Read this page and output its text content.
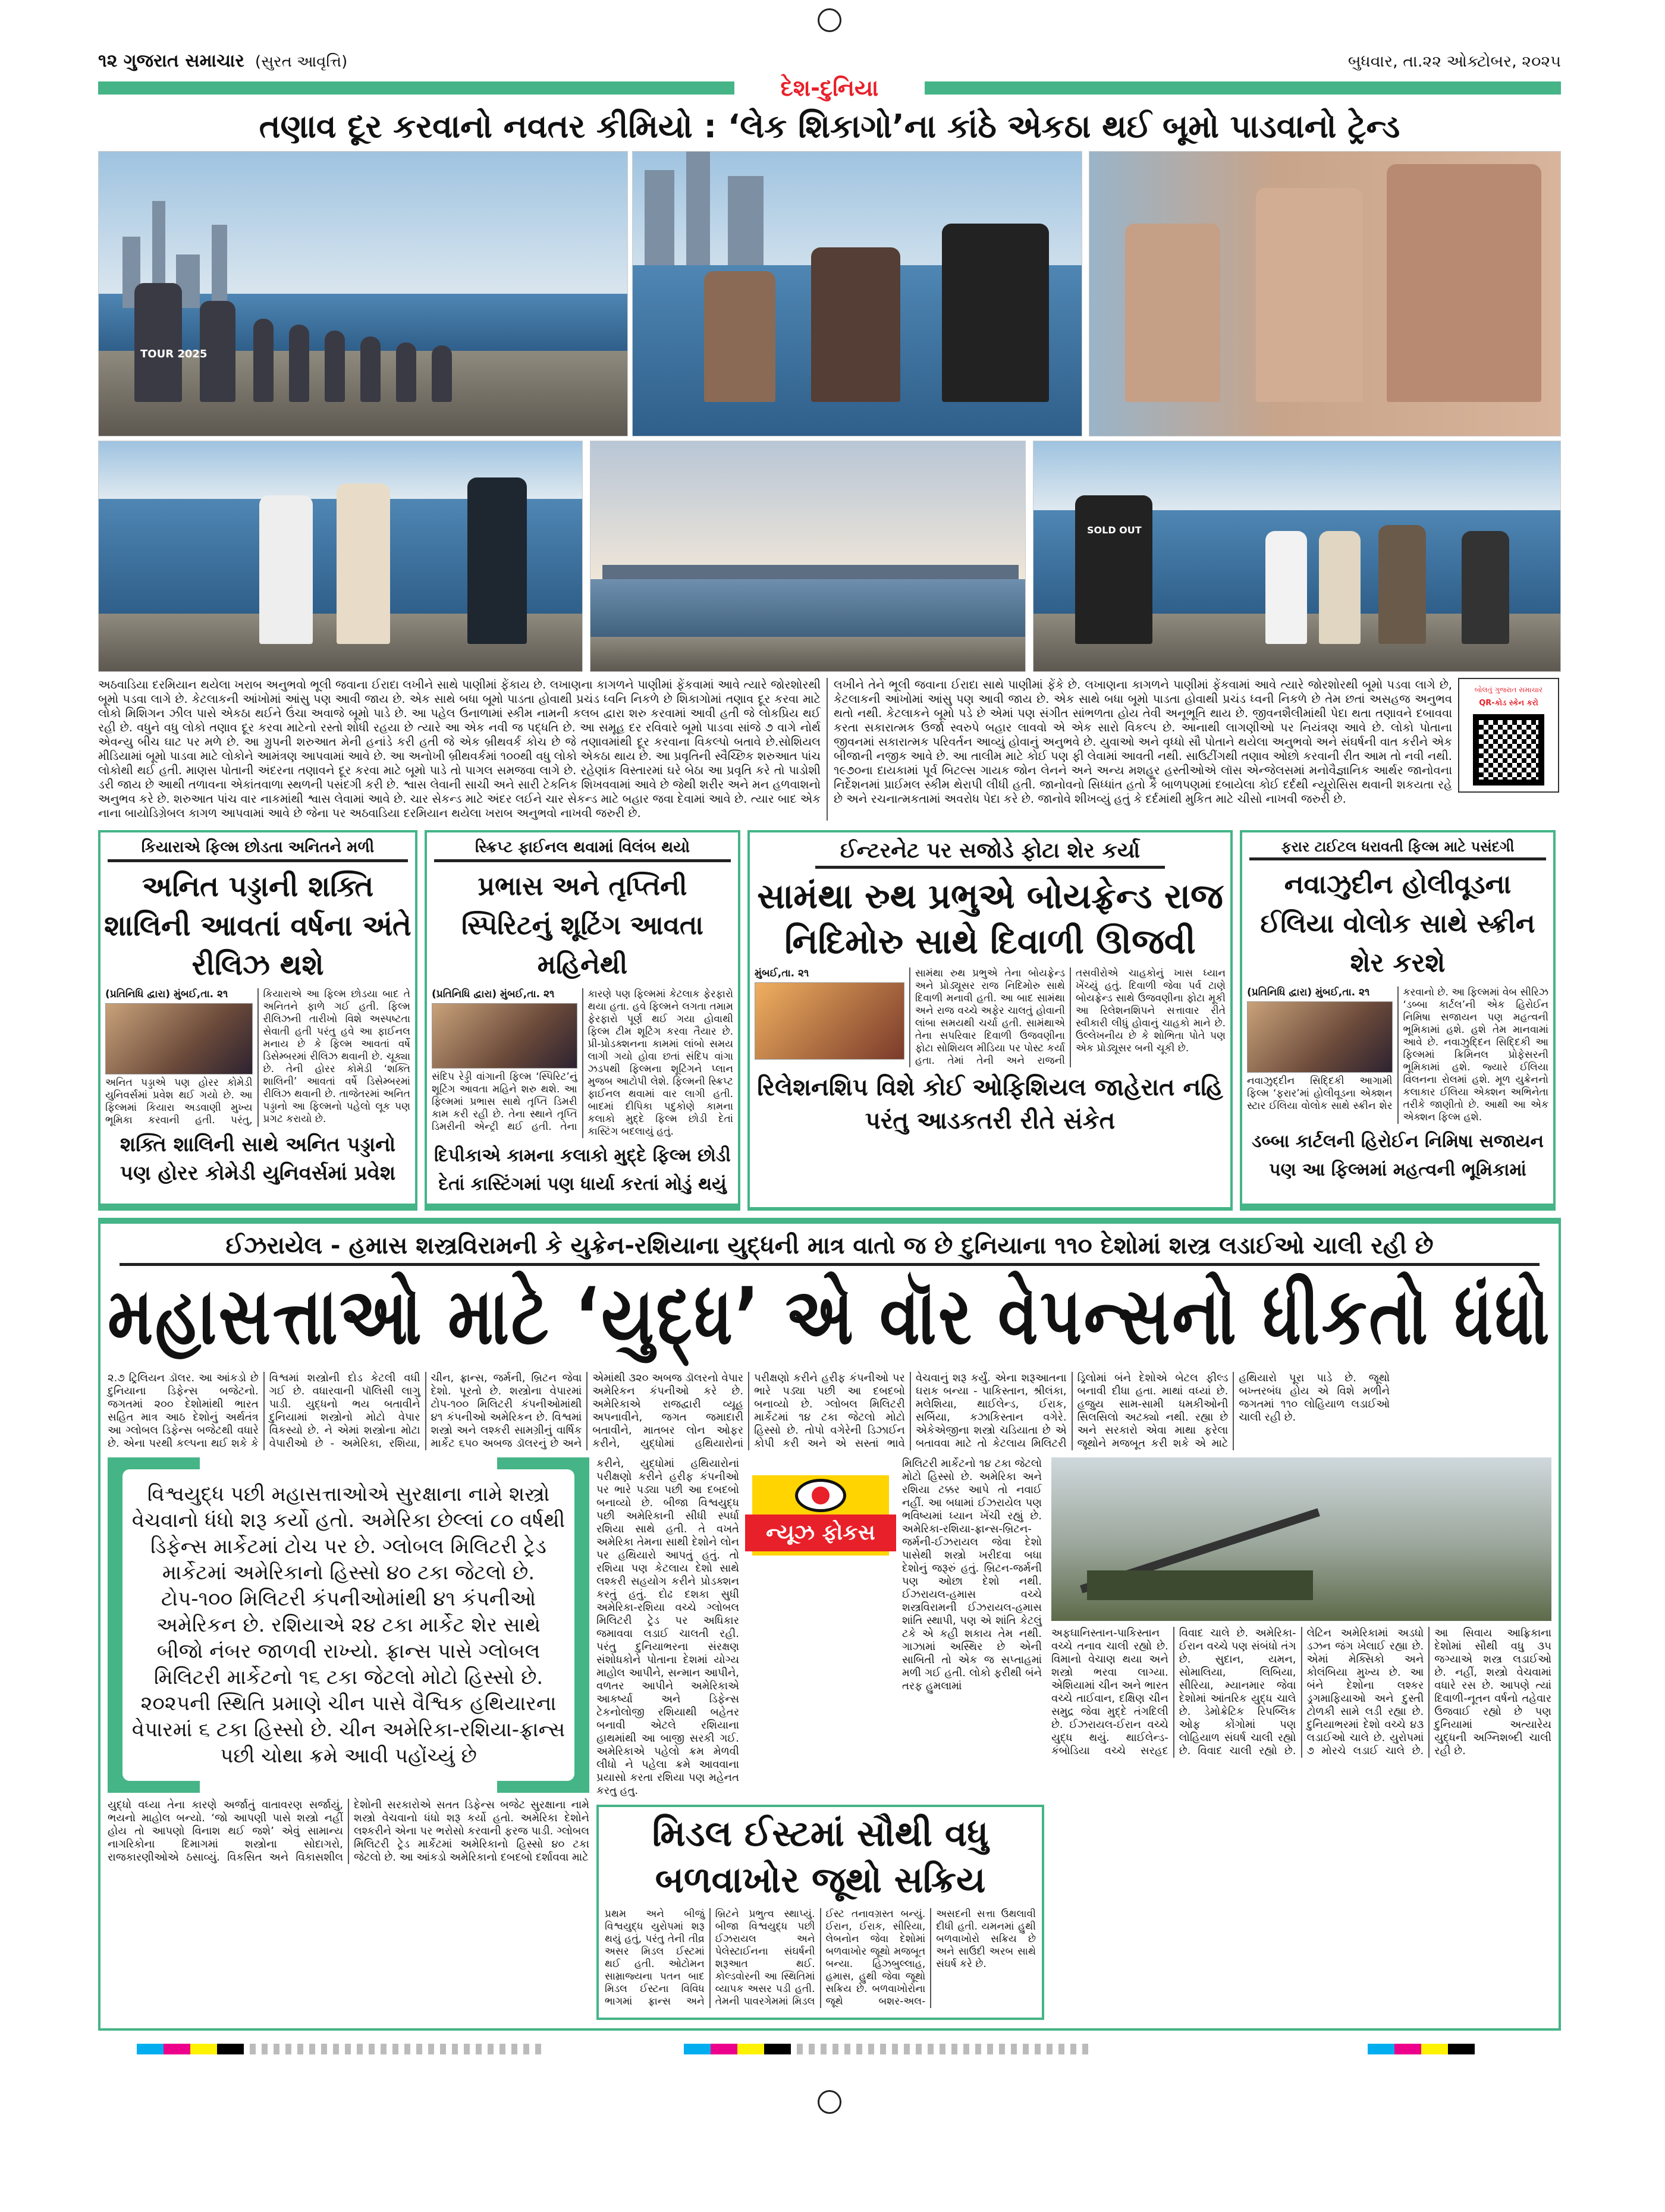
૧૨ ગુજરાત સમાચાર (સુરત આવૃત્તિ)	બુધવાર, તા.૨૨ ઓક્ટોબર, ૨૦૨૫
દેશ-દુનિયા
તણાવ દૂર કરવાનો નવતર કીમિયો : ‘લેક શિકાગો’ના કાંઠે એકઠા થઈ બૂમો પાડવાનો ટ્રેન્ડ
TOUR 2025
SOLD OUT
અઠવાડિયા દરમિયાન થયેલા ખરાબ અનુભવો ભૂલી જવાના ઈરાદા લખીને સાથે પાણીમાં ફેંકાય છે. લખાણના કાગળને પાણીમાં ફેંકવામાં આવે ત્યારે જોરશોરથી બૂમો પડવા લાગે છે. કેટલાકની આંખોમાં આંસુ પણ આવી જાય છે. એક સાથે બધા બૂમો પાડતા હોવાથી પ્રચંડ ધ્વનિ નિકળે છે શિકાગોમાં તણાવ દૂર કરવા માટે લોકો મિશિગન ઝીલ પાસે એકઠા થઈને ઉંચા અવાજે બૂમો પાડે છે. આ પહેલ ઉનાળામાં સ્કીમ નામની કલબ દ્વારા શરુ કરવામાં આવી હતી જે લોકપ્રિય થઈ રહી છે. વધુને વધુ લોકો તણાવ દૂર કરવા માટેનો રસ્તો શોધી રહયા છે ત્યારે આ એક નવી જ પદ્ધતિ છે. આ સમૂહ દર રવિવારે બૂમો પાડવા સાંજે ૭ વાગે નોર્થ એવન્યુ બીચ ઘાટ પર મળે છે. આ ગ્રુપની શરુઆત મેની હનાંડે કરી હતી જે એક બ્રીથવર્ક કોચ છે જે તણાવમાંથી દૂર કરવાના વિકલ્પો બતાવે છે.સોશિયલ મીડિયામાં બૂમો પાડવા માટે લોકોને આમંત્રણ આપવામાં આવે છે. આ અનોખી બ્રીથવર્કમાં ૧૦૦થી વધુ લોકો એકઠા થાય છે. આ પ્રવૃતિની સ્વૈચ્છિક શરુઆત પાંચ લોકોથી થઈ હતી. માણસ પોતાની અંદરના તણાવને દૂર કરવા માટે બૂમો પાડે તો પાગલ સમજવા લાગે છે. રહેણાંક વિસ્તારમાં ઘરે બેઠા આ પ્રવૃતિ કરે તો પાડોશી ડરી જાય છે આથી તળાવના એકાંતવાળા સ્થળની પસંદગી કરી છે. શ્વાસ લેવાની સાચી અને સારી ટેકનિક શિખવવામાં આવે છે જેથી શરીર અને મન હળવાશનો અનુભવ કરે છે. શરુઆત પાંચ વાર નાકમાંથી શ્વાસ લેવામાં આવે છે. ચાર સેકન્ડ માટે અંદર લઈને ચાર સેકન્ડ માટે બહાર જવા દેવામાં આવે છે. ત્યાર બાદ એક નાના બાયોડિગ્રેબલ કાગળ આપવામાં આવે છે જેના પર અઠવાડિયા દરમિયાન થયેલા ખરાબ અનુભવો નાખવી જરુરી છે.
લખીને તેને ભૂલી જવાના ઈરાદા સાથે પાણીમાં ફેંકે છે. લખાણના કાગળને પાણીમાં ફેંકવામાં આવે ત્યારે જોરશોરથી બૂમો પડવા લાગે છે, કેટલાકની આંખોમાં આંસુ પણ આવી જાય છે. એક સાથે બધા બૂમો પાડતા હોવાથી પ્રચંડ ધ્વની નિકળે છે તેમ છતાં અસહજ અનુભવ થતો નથી. કેટલાકને બૂમો પડે છે એમાં પણ સંગીત સાંભળતા હોય તેવી અનૂભૂતિ થાય છે. જીવનશૈલીમાંથી પેદા થતા તણાવને દબાવવા કરતા સકારાત્મક ઉર્જા સ્વરુપે બહાર લાવવો એ એક સારો વિકલ્પ છે. આનાથી લાગણીઓ પર નિયંત્રણ આવે છે. લોકો પોતાના જીવનમાં સકારાત્મક પરિવર્તન આવ્યું હોવાનું અનુભવે છે. યુવાઓ અને વૃધ્ધો સૌ પોતાને થયેલા અનુભવો અને સંઘર્ષની વાત કરીને એક બીજાની નજીક આવે છે. આ તાલીમ માટે કોઈ પણ ફી લેવામાં આવતી નથી. સાઉટીંગથી તણાવ ઓછો કરવાની રીત આમ તો નવી નથી. ૧૯૭૦ના દાયકામાં પૂર્વ બિટલ્સ ગાયક જોન લેનને અને અન્ય મશહૂર હસ્તીઓએ લૉસ એન્જેલસમાં મનોવૈજ્ઞાનિક આર્થર જાનોવના નિર્દેશનમાં પ્રાઈમલ સ્કીમ થેરાપી લીધી હતી. જાનોવનો સિધ્ધાંત હતો કે બાળપણમાં દબાયેલા કોઈ દર્દથી ન્યૂરોસિસ થવાની શકયતા રહે છે અને રચનાત્મકતામાં અવરોધ પેદા કરે છે. જાનોવે શીખવ્યું હતું કે દર્દમાંથી મુકિત માટે ચીસો નાખવી જરુરી છે.
બોલતું ગુજરાત સમાચાર
QR-કોડ સ્કેન કરો
કિયારાએ ફિલ્મ છોડતા અનિતને મળી
અનિત પડ્ડાની શક્તિ શાલિની આવતાં વર્ષના અંતે રીલિઝ થશે
(પ્રતિનિધિ દ્વારા) મુંબઈ,તા. ૨૧
અનિત પડ્ડાએ પણ હોરર કોમેડી યુનિવર્સમાં પ્રવેશ થઈ ગયો છે. આ ફિલ્મમાં કિયારા અડવાણી મુખ્ય ભૂમિકા કરવાની હતી. પરંતુ, કિયારાએ આ ફિલ્મ છોડયા બાદ તે અનિતને ફાળે ગઈ હતી. ફિલ્મ રીલિઝની તારીખો વિશે અસ્પષ્ટતા સેવાતી હતી પરંતુ હવે આ ફાઈનલ મનાય છે કે ફિલ્મ આવતાં વર્ષે ડિસેમ્બરમાં રીલિઝ થવાની છે. ચૂક્યા છે. તેની હોરર કોમેડી ‘શક્તિ શાલિની’ આવતાં વર્ષે ડિસેમ્બરમાં રીલિઝ થવાની છે. તાજેતરમાં અનિત પડ્ડાનો આ ફિલ્મનો પહેલો લૂક પણ પ્રગટ કરાયો છે.
શક્તિ શાલિની સાથે અનિત પડ્ડાનો પણ હોરર કોમેડી યુનિવર્સમાં પ્રવેશ
સ્ક્રિપ્ટ ફાઈનલ થવામાં વિલંબ થયો
પ્રભાસ અને તૃપ્તિની સ્પિરિટનું શૂટિંગ આવતા મહિનેથી
(પ્રતિનિધિ દ્વારા) મુંબઈ,તા. ૨૧
સંદિપ રેડ્ડી વાંગાની ફિલ્મ ‘સ્પિરિટ’નું શૂટિંગ આવતા મહિને શરુ થશે. આ ફિલ્મમાં પ્રભાસ સાથે તૃપ્તિ ડિમરી કામ કરી રહી છે. તેના સ્થાને તૃપ્તિ ડિમરીની એન્ટ્રી થઈ હતી. તેના કારણે પણ ફિલ્મમાં કેટલાક ફેરફારો થયા હતા. હવે ફિલ્મને લગતા તમામ ફેરફારો પૂર્ણ થઈ ગયા હોવાથી ફિલ્મ ટીમ શૂટિંગ કરવા તૈયાર છે. પ્રી-પ્રોડક્શનના કામમાં લાંબો સમય લાગી ગયો હોવા છતાં સંદિપ વાંગા ઝડપથી ફિલ્મના શૂટિંગને પ્લાન મુજબ આટોપી લેશે. ફિલ્મની સ્ક્રિપ્ટ ફાઈનલ થવામાં વાર લાગી હતી. બાદમાં દીપિકા પદુકોણે કામના કલાકો મુદ્દે ફિલ્મ છોડી દેતાં કાસ્ટિંગ બદલાયું હતું.
દિપીકાએ કામના કલાકો મુદ્દે ફિલ્મ છોડી દેતાં કાસ્ટિંગમાં પણ ધાર્યા કરતાં મોડું થયું
ઈન્ટરનેટ પર સજોડે ફોટા શેર કર્યા
સામંથા રુથ પ્રભુએ બોયફ્રેન્ડ રાજ નિદિમોરુ સાથે દિવાળી ઊજવી
મુંબઈ,તા. ૨૧	સામંથા રુથ પ્રભુએ તેના બોયફ્રેન્ડ અને પ્રોડ્યૂસર રાજ નિદિમોરુ સાથે દિવાળી મનાવી હતી. આ બાદ સામંથા અને રાજ વચ્ચે અફેર ચાલતું હોવાની લાંબા સમયથી ચર્ચા હતી. સામંથાએ તેના સપરિવાર દિવાળી ઉજવણીના ફોટા સોશિયલ મીડિયા પર પોસ્ટ કર્યા હતા. તેમાં તેની અને રાજની તસવીરોએ ચાહકોનું ખાસ ધ્યાન ખેંચ્યું હતું. દિવાળી જેવા પર્વ ટાણે બોયફ્રેન્ડ સાથે ઉજવણીના ફોટા મૂકી આ રિલેશનશિપને સત્તાવાર રીતે સ્વીકારી લીધું હોવાનું ચાહકો માને છે. ઉલ્લેખનીય છે કે શોભિતા પોતે પણ એક પ્રોડ્યૂસર બની ચૂકી છે.
રિલેશનશિપ વિશે કોઈ ઓફિશિયલ જાહેરાત નહિ પરંતુ આડકતરી રીતે સંકેત
ફરાર ટાઈટલ ધરાવતી ફિલ્મ માટે પસંદગી
નવાઝુદીન હોલીવૂડના ઈલિયા વોલોક સાથે સ્ક્રીન શેર કરશે
(પ્રતિનિધિ દ્વારા) મુંબઈ,તા. ૨૧
નવાઝુદ્દીન સિદ્દિકી આગામી ફિલ્મ ‘ફરાર’માં હોલીવૂડના એક્શન સ્ટાર ઈલિયા વોલોક સાથે સ્ક્રીન શેર કરવાનો છે. આ ફિલ્મમાં વેબ સીરિઝ ‘ડબ્બા કાર્ટલ’ની એક હિરોઈન નિમિષા સજાયન પણ મહત્વની ભૂમિકામાં હશે. હશે તેમ માનવામાં આવે છે. નવાઝુદ્દિન સિદ્દિકી આ ફિલ્મમાં ક્રિમિનલ પ્રોફેસરની ભૂમિકામાં હશે. જ્યારે ઈલિયા વિલનના રોલમાં હશે. મૂળ યુક્રેનનો કલાકાર ઈલિયા એક્શન અભિનેતા તરીકે જાણીતો છે. આથી આ એક એક્શન ફિલ્મ હશે.
ડબ્બા કાર્ટલની હિરોઈન નિમિષા સજાયન પણ આ ફિલ્મમાં મહત્વની ભૂમિકામાં
ઈઝરાયેલ - હમાસ શસ્ત્રવિરામની કે યુક્રેન-રશિયાના યુદ્ધની માત્ર વાતો જ છે દુનિયાના ૧૧૦ દેશોમાં શસ્ત્ર લડાઈઓ ચાલી રહી છે
મહાસત્તાઓ માટે ‘યુદ્ધ’ એ વૉર વેપન્સનો ધીકતો ધંધો
૨.૭ ટ્રિલિયન ડૉલર. આ આંકડો છે દુનિયાના ડિફેન્સ બજેટનો. જગતમાં ૨૦૦ દેશોમાંથી ભારત સહિત માત્ર આઠ દેશોનું અર્થતંત્ર આ ગ્લોબલ ડિફેન્સ બજેટથી વધારે છે. એના પરથી કલ્પના થઈ શકે કે વિશ્વમાં શસ્ત્રોની દોડ કેટલી વધી ગઈ છે. વધારવાની પૉલિસી લાગુ પાડી. યુદ્ધનો ભય બતાવીને દુનિયામાં શસ્ત્રોનો મોટો વેપાર વિકસ્યો છે. ને એમાં શસ્ત્રોના મોટા વેપારીઓ છે - અમેરિકા, રશિયા, ચીન, ફ્રાન્સ, જર્મની, બ્રિટન જેવા દેશો. પૂરતો છે. શસ્ત્રોના વેપારમાં ટોપ-૧૦૦ મિલિટરી કંપનીઓમાંથી ૪૧ કંપનીઓ અમેરિકન છે. વિશ્વમાં શસ્ત્રો અને લશ્કરી સામગ્રીનું વાર્ષિક માર્કેટ ૬૫૦ અબજ ડૉલરનું છે અને એમાંથી ૩૨૦ અબજ ડૉલરનો વેપાર અમેરિકન કંપનીઓ કરે છે. અમેરિકાએ રાજદ્વારી વ્યૂહ અપનાવીને, જગત જમાદારી બતાવીને, માતબર લોન ઓફર કરીને, યુદ્ધોમાં હથિયારોનાં પરીક્ષણો કરીને હરીફ કંપનીઓ પર ભારે પડ્યા પછી આ દબદબો બનાવ્યો છે. ગ્લોબલ મિલિટરી માર્કેટમાં ૧૪ ટકા જેટલો મોટો હિસ્સો છે. તોપો વગેરેની ડિઝાઈન કોપી કરી અને એ સસ્તાં ભાવે વેચવાનું શરૂ કર્યું. એના શરૂઆતના ઘરાક બન્યા - પાકિસ્તાન, શ્રીલંકા, મલેશિયા, થાઈલેન્ડ, ઈરાક, સર્બિયા, કઝાકિસ્તાન વગેરે. એકેએજીના શસ્ત્રો ચડિયાતા છે એ બતાવવા માટે તો કેટલાય મિલિટરી ડ્રિલોમાં બંને દેશોએ બેટલ ફીલ્ડ બનાવી દીધા હતા. માથાં વધ્યાં છે. હજુય સામ-સામી ધમકીઓની સિલસિલો અટક્યો નથી. રહ્યા છે અને સરકારો એવા માથા ફરેલા જૂથોને મજબૂત કરી શકે એ માટે હથિયારો પૂરા પાડે છે. જૂથો બખ્તરબંધ હોય એ વિશે મળીને જગતમાં ૧૧૦ લોહિયાળ લડાઈઓ ચાલી રહી છે.
વિશ્વયુદ્ધ પછી મહાસત્તાઓએ સુરક્ષાના નામે શસ્ત્રો વેચવાનો ધંધો શરૂ કર્યો હતો. અમેરિકા છેલ્લાં ૮૦ વર્ષથી ડિફેન્સ માર્કેટમાં ટોચ પર છે. ગ્લોબલ મિલિટરી ટ્રેડ માર્કેટમાં અમેરિકાનો હિસ્સો ૪૦ ટકા જેટલો છે. ટોપ-૧૦૦ મિલિટરી કંપનીઓમાંથી ૪૧ કંપનીઓ અમેરિકન છે. રશિયાએ ૨૪ ટકા માર્કેટ શેર સાથે બીજો નંબર જાળવી રાખ્યો. ફ્રાન્સ પાસે ગ્લોબલ મિલિટરી માર્કેટનો ૧૬ ટકા જેટલો મોટો હિસ્સો છે. ૨૦૨૫ની સ્થિતિ પ્રમાણે ચીન પાસે વૈશ્વિક હથિયારના વેપારમાં ૬ ટકા હિસ્સો છે. ચીન અમેરિકા-રશિયા-ફ્રાન્સ પછી ચોથા ક્રમે આવી પહોંચ્યું છે
યુદ્ધો વધ્યા તેના કારણે અર્જાતું વાતાવરણ સર્જાયું, ભયનો માહોલ બન્યો. ‘જો આપણી પાસે શસ્ત્રો નહીં હોય તો આપણો વિનાશ થઈ જશે’ એવું સામાન્ય નાગરિકોના દિમાગમાં શસ્ત્રોના સોદાગરો, રાજકારણીઓએ ઠસાવ્યું. વિકસિત અને વિકાસશીલ દેશોની સરકારોએ સતત ડિફેન્સ બજેટ સુરક્ષાના નામે શસ્ત્રો વેચવાનો ધંધો શરૂ કર્યો હતો. અમેરિકા દેશોને લશ્કરીને એના પર ભરોસો કરવાની ફરજ પાડી. ગ્લોબલ મિલિટરી ટ્રેડ માર્કેટમાં અમેરિકાનો હિસ્સો ૪૦ ટકા જેટલો છે. આ આંકડો અમેરિકાનો દબદબો દર્શાવવા માટે
કરીને, યુદ્ધોમાં હથિયારોનાં પરીક્ષણો કરીને હરીફ કંપનીઓ પર ભારે પડ્યા પછી આ દબદબો બનાવ્યો છે. બીજા વિશ્વયુદ્ધ પછી અમેરિકાની સીધી સ્પર્ધા રશિયા સાથે હતી. તે વખતે અમેરિકા તેમના સાથી દેશોને લોન પર હથિયારો આપતું હતું. તો રશિયા પણ કેટલાય દેશો સાથે લશ્કરી સહયોગ કરીને પ્રોડક્શન કરતું હતું. દોઢ દશકા સુધી અમેરિકા-રશિયા વચ્ચે ગ્લોબલ મિલિટરી ટ્રેડ પર અધિકાર જમાવવા લડાઈ ચાલતી રહી. પરંતુ દુનિયાભરના સંરક્ષણ સંશોધકોને પોતાના દેશમાં યોગ્ય માહોલ આપીને, સન્માન આપીને, વળતર આપીને અમેરિકાએ આકર્ષ્યા અને ડિફેન્સ ટેકનોલોજી રશિયાથી બહેતર બનાવી એટલે રશિયાના હાથમાંથી આ બાજી સરકી ગઈ. અમેરિકાએ પહેલો ક્રમ મેળવી લીધો ને પહેલા ક્રમે આવવાના પ્રયાસો કરતા રશિયા પણ મહેનત કરતુ હતુ.
ન્યૂઝ ફોકસ
મિલિટરી માર્કેટનો ૧૪ ટકા જેટલો મોટો હિસ્સો છે. અમેરિકા અને રશિયા ટક્કર આપે તો નવાઈ નહીં. આ બધામાં ઈઝરાયેલ પણ ભવિષ્યમાં ધ્યાન ખેંચી રહ્યું છે. અમેરિકા-રશિયા-ફ્રાન્સ-બ્રિટન-જર્મની-ઈઝરાયલ જેવા દેશો પાસેથી શસ્ત્રો ખરીદવા બધા દેશોનું જરૂરું હતું. બ્રિટન-જર્મની પણ ઓછા દેશો નથી. ઈઝરાયલ-હમાસ વચ્ચે શસ્ત્રવિરામની ઈઝરાયલ-હમાસ શાંતિ સ્થાપી, પણ એ શાંતિ કેટલું ટકે એ કહી શકાય તેમ નથી. ગાઝામાં અસ્થિર છે એની સાબિતી તો એક જ સપ્તાહમાં મળી ગઈ હતી. લોકો ફરીથી બંને તરફ હુમલામાં
મિડલ ઈસ્ટમાં સૌથી વધુ બળવાખોર જૂથો સક્રિય
પ્રથમ અને બીજું વિશ્વયુદ્ધ યુરોપમાં શરૂ થયું હતું, પરંતુ તેની તીવ્ર અસર મિડલ ઈસ્ટમાં થઈ હતી. ઓટોમન સામ્રાજ્યના પતન બાદ મિડલ ઈસ્ટના વિવિધ ભાગમાં ફ્રાન્સ અને બ્રિટને પ્રભુત્વ સ્થાપ્યું. બીજા વિશ્વયુદ્ધ પછી ઈઝરાયલ અને પેલેસ્ટાઈનના સંઘર્ષની શરૂઆત થઈ. કોલ્ડવોરની આ સ્થિતિમાં વ્યાપક અસર પડી હતી. તેમની પાવરગેમમાં મિડલ ઈસ્ટ તનાવગ્રસ્ત બન્યું. ઈરાન, ઈરાક, સીરિયા, લેબનોન જેવા દેશોમાં બળવાખોર જૂથો મજબૂત બન્યા. હિઝબુલ્લાહ, હમાસ, હુથી જેવા જૂથો સક્રિય છે. બળવાખોરોના જૂથે બશર-અલ-અસદની સત્તા ઉથલાવી દીધી હતી. યમનમાં હુથી બળવાખોરો સક્રિય છે અને સાઉદી અરબ સાથે સંઘર્ષ કરે છે.
અફઘાનિસ્તાન-પાકિસ્તાન વચ્ચે તનાવ ચાલી રહ્યો છે. વિમાનો વેચાણ થયા અને શસ્ત્રો ભરવા લાગ્યા. એશિયામાં ચીન અને ભારત વચ્ચે તાઈવાન, દક્ષિણ ચીન સમુદ્ર જેવા મુદ્દે તંગદિલી છે. ઈઝરાયલ-ઈરાન વચ્ચે યુદ્ધ થયું. થાઈલેન્ડ-કંબોડિયા વચ્ચે સરહદ વિવાદ ચાલે છે. અમેરિકા-ઈરાન વચ્ચે પણ સંબંધો તંગ છે. સુદાન, યમન, સોમાલિયા, લિબિયા, સીરિયા, મ્યાનમાર જેવા દેશોમાં આંતરિક યુદ્ધ ચાલે છે. ડેમોક્રેટિક રિપબ્લિક ઓફ કોંગોમાં પણ લોહિયાળ સંઘર્ષ ચાલી રહ્યો છે. વિવાદ ચાલી રહ્યો છે. લેટિન અમેરિકામાં અડધો ડઝન જંગ ખેલાઈ રહ્યા છે. એમાં મેક્સિકો અને કોલંબિયા મુખ્ય છે. આ બંને દેશોના લશ્કર ડ્રગમાફિયાઓ અને દુસ્તી ટોળકી સામે લડી રહ્યા છે. દુનિયાભરમાં દેશો વચ્ચે ૪૩ લડાઈઓ ચાલે છે. યુરોપમાં ૭ મોરચે લડાઈ ચાલે છે. આ સિવાય આફ્રિકાના દેશોમાં સૌથી વધુ ૩૫ જગ્યાએ શસ્ત્ર લડાઈઓ છે. નહીં, શસ્ત્રો વેચવામાં વધારે રસ છે. આપણે ત્યાં દિવાળી-નૂતન વર્ષનો તહેવાર ઉજવાઈ રહ્યો છે પણ દુનિયામાં અત્યારેય યુદ્ધની અગ્નિશબ્દી ચાલી રહી છે.
